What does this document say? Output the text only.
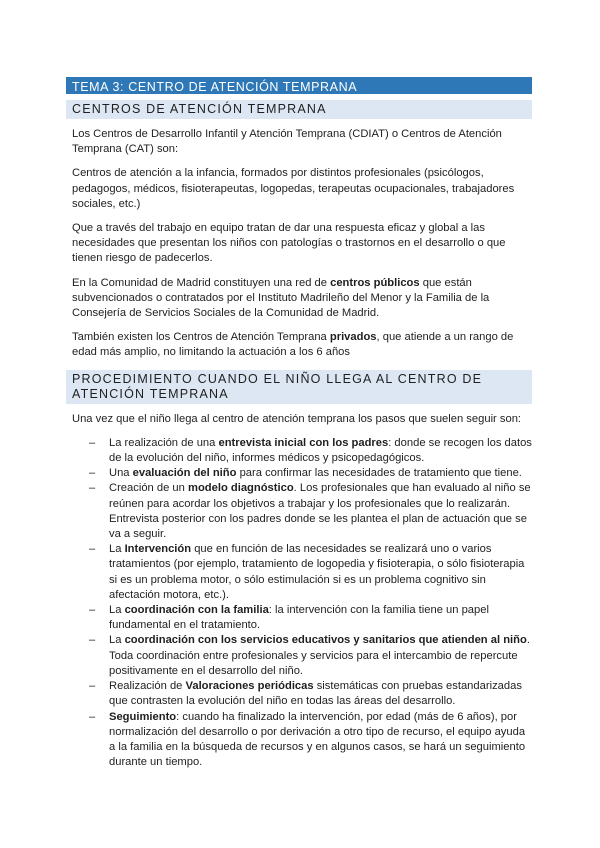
TEMA 3: CENTRO DE ATENCIÓN TEMPRANA
CENTROS DE ATENCIÓN TEMPRANA

Los Centros de Desarrollo Infantil y Atención Temprana (CDIAT) o Centros de Atención Temprana (CAT) son:

Centros de atención a la infancia, formados por distintos profesionales (psicólogos, pedagogos, médicos, fisioterapeutas, logopedas, terapeutas ocupacionales, trabajadores sociales, etc.)

Que a través del trabajo en equipo tratan de dar una respuesta eficaz y global a las necesidades que presentan los niños con patologías o trastornos en el desarrollo o que tienen riesgo de padecerlos.

En la Comunidad de Madrid constituyen una red de centros públicos que están subvencionados o contratados por el Instituto Madrileño del Menor y la Familia de la Consejería de Servicios Sociales de la Comunidad de Madrid.

También existen los Centros de Atención Temprana privados, que atiende a un rango de edad más amplio, no limitando la actuación a los 6 años

PROCEDIMIENTO CUANDO EL NIÑO LLEGA AL CENTRO DE ATENCIÓN TEMPRANA

Una vez que el niño llega al centro de atención temprana los pasos que suelen seguir son:

– La realización de una entrevista inicial con los padres: donde se recogen los datos de la evolución del niño, informes médicos y psicopedagógicos.
– Una evaluación del niño para confirmar las necesidades de tratamiento que tiene.
– Creación de un modelo diagnóstico. Los profesionales que han evaluado al niño se reúnen para acordar los objetivos a trabajar y los profesionales que lo realizarán. Entrevista posterior con los padres donde se les plantea el plan de actuación que se va a seguir.
– La Intervención que en función de las necesidades se realizará uno o varios tratamientos (por ejemplo, tratamiento de logopedia y fisioterapia, o sólo fisioterapia si es un problema motor, o sólo estimulación si es un problema cognitivo sin afectación motora, etc.).
– La coordinación con la familia: la intervención con la familia tiene un papel fundamental en el tratamiento.
– La coordinación con los servicios educativos y sanitarios que atienden al niño. Toda coordinación entre profesionales y servicios para el intercambio de repercute positivamente en el desarrollo del niño.
– Realización de Valoraciones periódicas sistemáticas con pruebas estandarizadas que contrasten la evolución del niño en todas las áreas del desarrollo.
– Seguimiento: cuando ha finalizado la intervención, por edad (más de 6 años), por normalización del desarrollo o por derivación a otro tipo de recurso, el equipo ayuda a la familia en la búsqueda de recursos y en algunos casos, se hará un seguimiento durante un tiempo.
